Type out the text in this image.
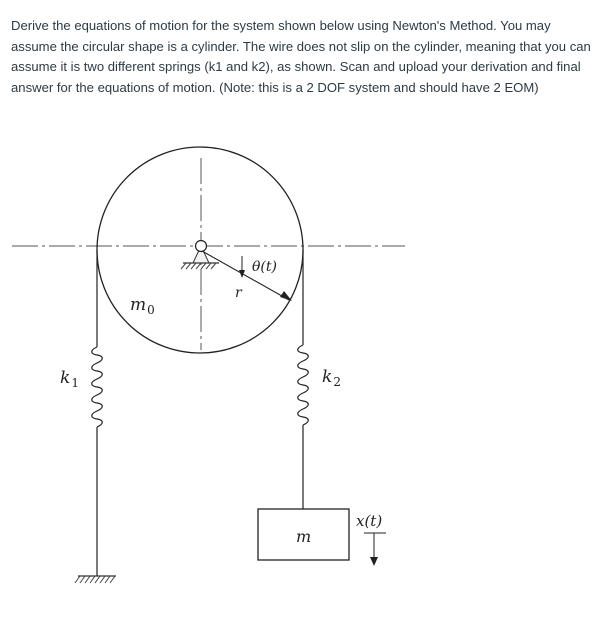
Derive the equations of motion for the system shown below using Newton's Method. You may assume the circular shape is a cylinder. The wire does not slip on the cylinder, meaning that you can assume it is two different springs (k1 and k2), as shown. Scan and upload your derivation and final answer for the equations of motion. (Note: this is a 2 DOF system and should have 2 EOM)

θ(t)
r
$m_0$
$k_1$	$k_2$
m
x(t)
